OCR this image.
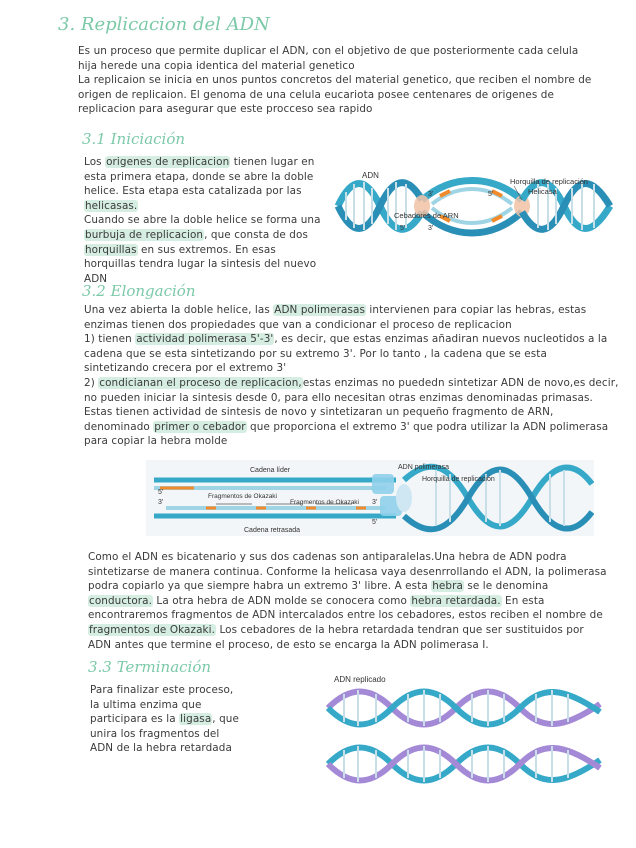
3. Replicacion del ADN
Es un proceso que permite duplicar el ADN, con el objetivo de que posteriormente cada celula
hija herede una copia identica del material genetico
La replicaion se inicia en unos puntos concretos del material genetico, que reciben el nombre de
origen de replicaion. El genoma de una celula eucariota posee centenares de origenes de
replicacion para asegurar que este procceso sea rapido
3.1 Iniciación
Los origenes de replicacion tienen lugar en
esta primera etapa, donde se abre la doble
helice. Esta etapa esta catalizada por las
helicasas.
Cuando se abre la doble helice se forma una
burbuja de replicacion, que consta de dos
horquillas en sus extremos. En esas
horquillas tendra lugar la sintesis del nuevo
ADN
ADN
Horquilla de replicación
Helicasa
Cebadores de ARN
3'	5'
3'
5'
3.2 Elongación
Una vez abierta la doble helice, las ADN polimerasas intervienen para copiar las hebras, estas
enzimas tienen dos propiedades que van a condicionar el proceso de replicacion
1) tienen actividad polimerasa 5'-3', es decir, que estas enzimas añadiran nuevos nucleotidos a la
cadena que se esta sintetizando por su extremo 3'. Por lo tanto , la cadena que se esta
sintetizando crecera por el extremo 3'
2) condicianan el proceso de replicacion,estas enzimas no puededn sintetizar ADN de novo,es decir,
no pueden iniciar la sintesis desde 0, para ello necesitan otras enzimas denominadas primasas.
Estas tienen actividad de sintesis de novo y sintetizaran un pequeño fragmento de ARN,
denominado primer o cebador que proporciona el extremo 3' que podra utilizar la ADN polimerasa
para copiar la hebra molde
Cadena líder	ADN polimerasa
Horquilla de replicación
Fragmentos de Okazaki
Fragmentos de Okazaki
Cadena retrasada
5'
3'	3'
5'
Como el ADN es bicatenario y sus dos cadenas son antiparalelas.Una hebra de ADN podra
sintetizarse de manera continua. Conforme la helicasa vaya desenrrollando el ADN, la polimerasa
podra copiarlo ya que siempre habra un extremo 3' libre. A esta hebra se le denomina
conductora. La otra hebra de ADN molde se conocera como hebra retardada. En esta
encontraremos fragmentos de ADN intercalados entre los cebadores, estos reciben el nombre de
fragmentos de Okazaki. Los cebadores de la hebra retardada tendran que ser sustituidos por
ADN antes que termine el proceso, de esto se encarga la ADN polimerasa I.
3.3 Terminación
Para finalizar este proceso,
la ultima enzima que
participara es la ligasa, que
unira los fragmentos del
ADN de la hebra retardada
ADN replicado
